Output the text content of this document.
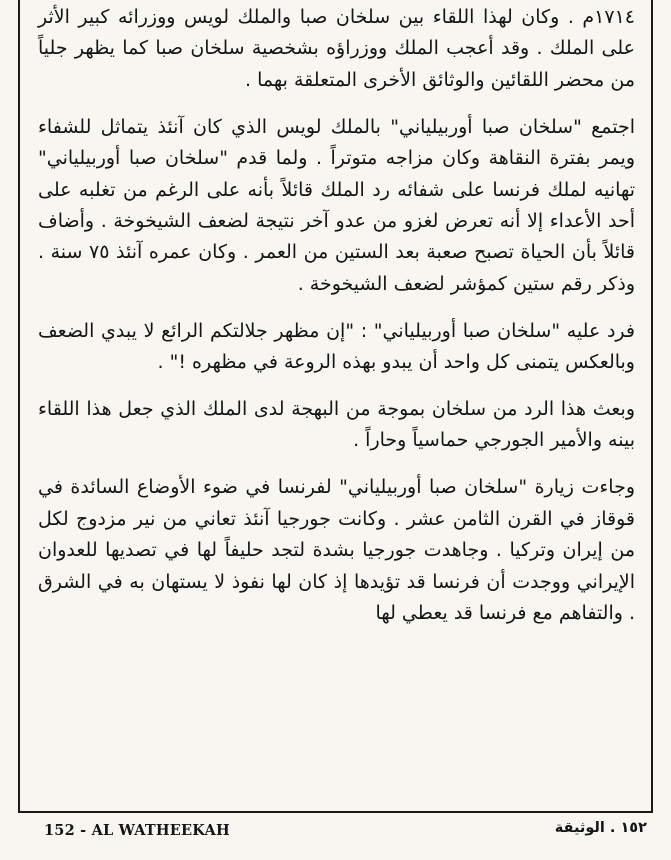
١٧١٤م . وكان لهذا اللقاء بين سلخان صبا والملك لويس ووزرائه كبير الأثر على الملك . وقد أعجب الملك ووزراؤه بشخصية سلخان صبا كما يظهر جلياً من محضر اللقائين والوثائق الأخرى المتعلقة بهما .

اجتمع "سلخان صبا أوربيلياني" بالملك لويس الذي كان آنئذ يتماثل للشفاء ويمر بفترة النقاهة وكان مزاجه متوتراً . ولما قدم "سلخان صبا أوربيلياني" تهانيه لملك فرنسا على شفائه رد الملك قائلاً بأنه على الرغم من تغلبه على أحد الأعداء إلا أنه تعرض لغزو من عدو آخر نتيجة لضعف الشيخوخة . وأضاف قائلاً بأن الحياة تصبح صعبة بعد الستين من العمر . وكان عمره آنئذ ٧٥ سنة . وذكر رقم ستين كمؤشر لضعف الشيخوخة .

فرد عليه "سلخان صبا أوربيلياني" : "إن مظهر جلالتكم الرائع لا يبدي الضعف وبالعكس يتمنى كل واحد أن يبدو بهذه الروعة في مظهره !" .

وبعث هذا الرد من سلخان بموجة من البهجة لدى الملك الذي جعل هذا اللقاء بينه والأمير الجورجي حماسياً وحاراً .

وجاءت زيارة "سلخان صبا أوربيلياني" لفرنسا في ضوء الأوضاع السائدة في قوقاز في القرن الثامن عشر . وكانت جورجيا آنئذ تعاني من نير مزدوج لكل من إيران وتركيا . وجاهدت جورجيا بشدة لتجد حليفاً لها في تصديها للعدوان الإيراني ووجدت أن فرنسا قد تؤيدها إذ كان لها نفوذ لا يستهان به في الشرق . والتفاهم مع فرنسا قد يعطي لها

152 - AL WATHEEKAH	١٥٢ . الوثيقة
